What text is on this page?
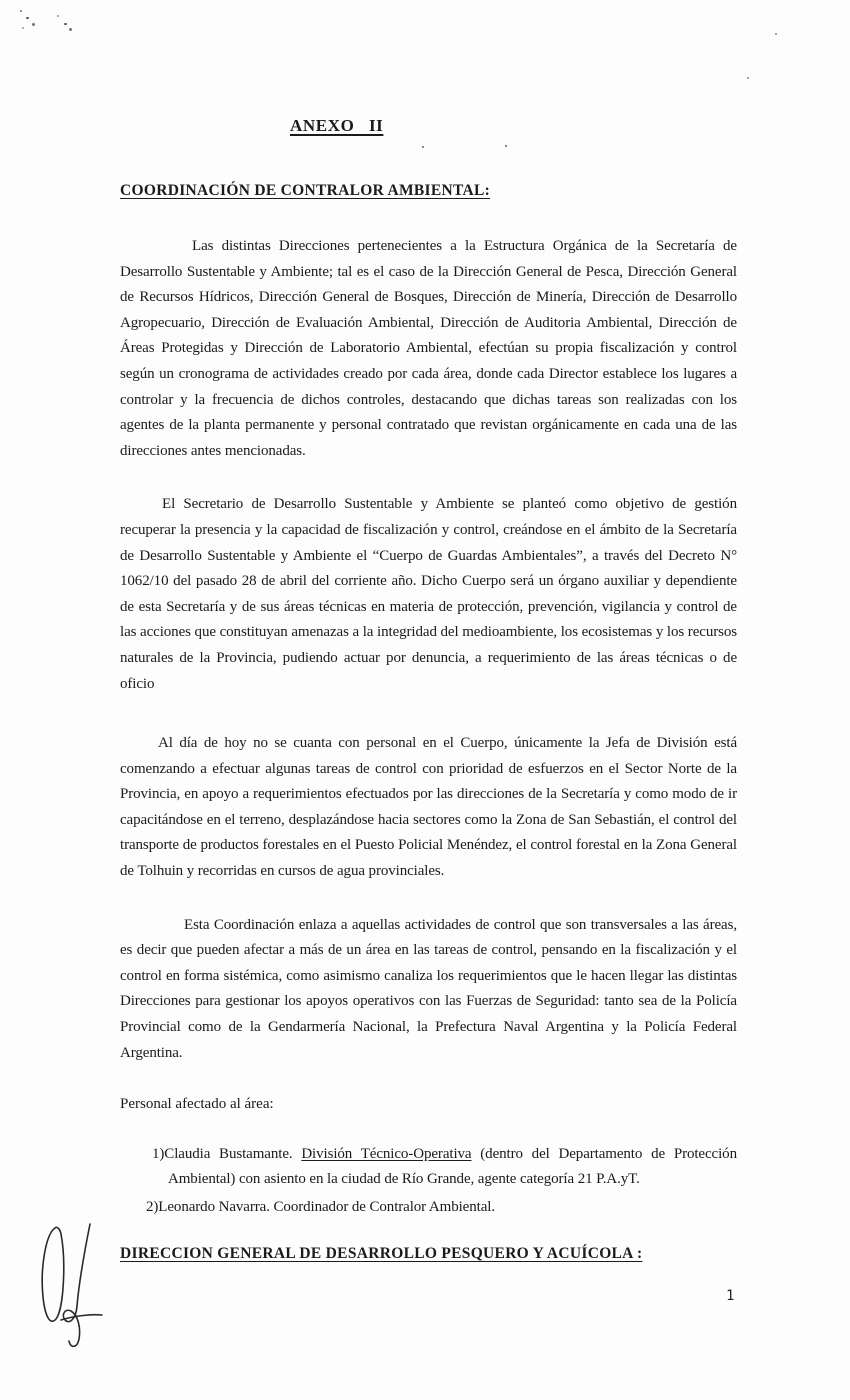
ANEXO   II
COORDINACIÓN DE CONTRALOR AMBIENTAL:

Las distintas Direcciones pertenecientes a la Estructura Orgánica de la Secretaría de Desarrollo Sustentable y Ambiente; tal es el caso de la Dirección General de Pesca, Dirección General de Recursos Hídricos, Dirección General de Bosques, Dirección de Minería, Dirección de Desarrollo Agropecuario, Dirección de Evaluación Ambiental, Dirección de Auditoria Ambiental, Dirección de Áreas Protegidas y Dirección de Laboratorio Ambiental, efectúan su propia fiscalización y control según un cronograma de actividades creado por cada área, donde cada Director establece los lugares a controlar y la frecuencia de dichos controles, destacando que dichas tareas son realizadas con los agentes de la planta permanente y personal contratado que revistan orgánicamente en cada una de las direcciones antes mencionadas.

El Secretario de Desarrollo Sustentable y Ambiente se planteó como objetivo de gestión recuperar la presencia y la capacidad de fiscalización y control, creándose en el ámbito de la Secretaría de Desarrollo Sustentable y Ambiente el “Cuerpo de Guardas Ambientales”, a través del Decreto N° 1062/10 del pasado 28 de abril del corriente año. Dicho Cuerpo será un órgano auxiliar y dependiente de esta Secretaría y de sus áreas técnicas en materia de protección, prevención, vigilancia y control de las acciones que constituyan amenazas a la integridad del medioambiente, los ecosistemas y los recursos naturales de la Provincia, pudiendo actuar por denuncia, a requerimiento de las áreas técnicas o de oficio

Al día de hoy no se cuanta con personal en el Cuerpo, únicamente la Jefa de División está comenzando a efectuar algunas tareas de control con prioridad de esfuerzos en el Sector Norte de la Provincia, en apoyo a requerimientos efectuados por las direcciones de la Secretaría y como modo de ir capacitándose en el terreno, desplazándose hacia sectores como la Zona de San Sebastián, el control del transporte de productos forestales en el Puesto Policial Menéndez, el control forestal en la Zona General de Tolhuin y recorridas en cursos de agua provinciales.

Esta Coordinación enlaza a aquellas actividades de control que son transversales a las áreas, es decir que pueden afectar a más de un área en las tareas de control, pensando en la fiscalización y el control en forma sistémica, como asimismo canaliza los requerimientos que le hacen llegar las distintas Direcciones para gestionar los apoyos operativos con las Fuerzas de Seguridad: tanto sea de la Policía Provincial como de la Gendarmería Nacional, la Prefectura Naval Argentina y la Policía Federal Argentina.

Personal afectado al área:
1)Claudia Bustamante. División Técnico-Operativa (dentro del Departamento de Protección Ambiental) con asiento en la ciudad de Río Grande, agente categoría 21 P.A.yT.
2)Leonardo Navarra. Coordinador de Contralor Ambiental.
DIRECCION GENERAL DE DESARROLLO PESQUERO Y ACUÍCOLA :
1
